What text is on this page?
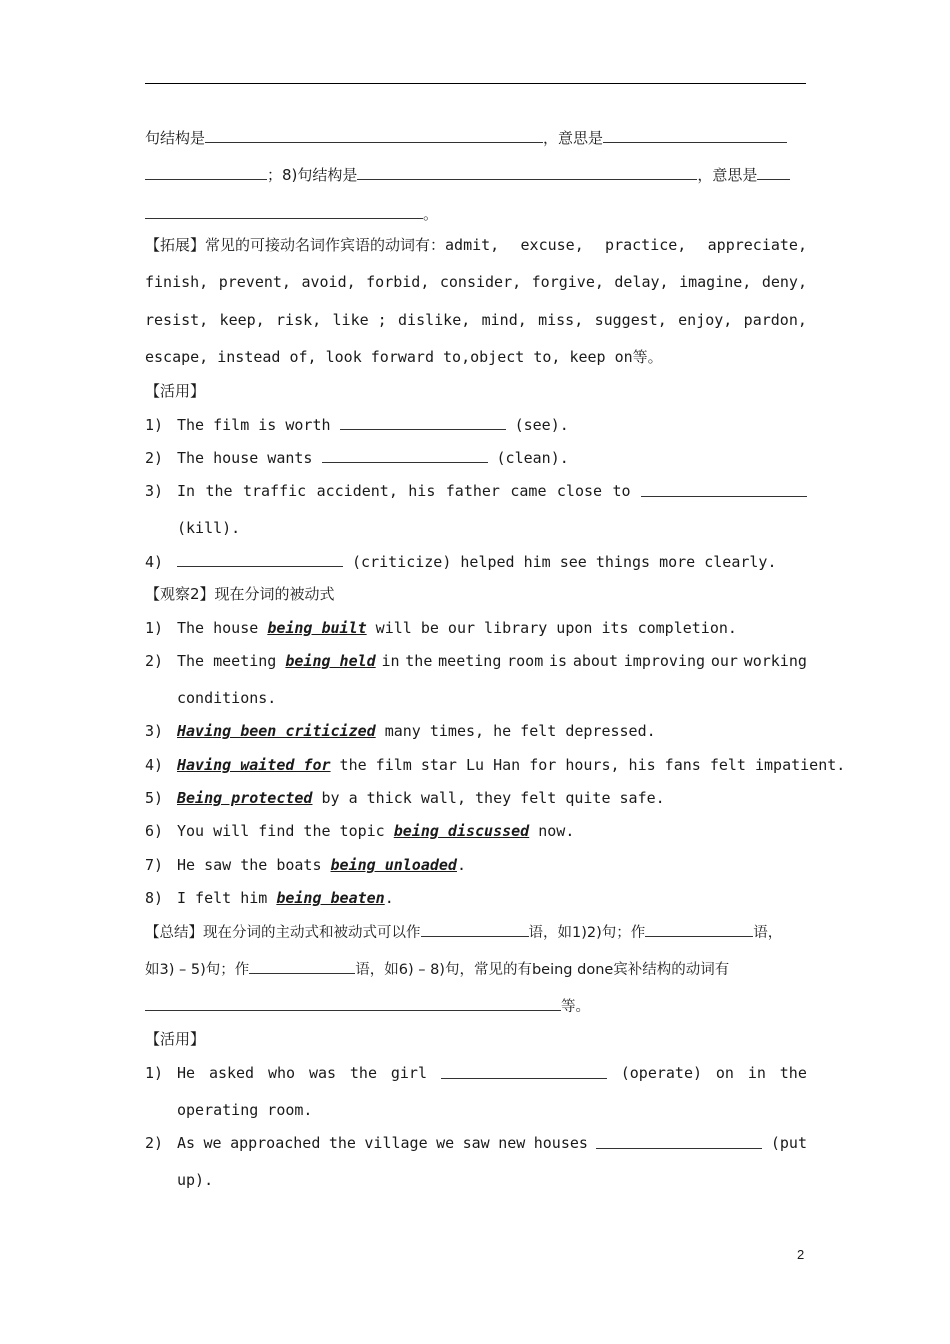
句结构是	，意思是
；8)句结构是	，意思是
。
【拓展】常见的可接动名词作宾语的动词有：admit, excuse, practice, appreciate,
finish, prevent, avoid, forbid, consider, forgive, delay, imagine, deny,
resist, keep, risk, like ; dislike, mind, miss, suggest, enjoy, pardon,
escape, instead of, look forward to,object to, keep on等。
【活用】
1) The film is worth	(see).
2) The house wants	(clean).
3) In the traffic accident, his father came close to
(kill).
4)	(criticize) helped him see things more clearly.
【观察2】现在分词的被动式
1) The house being built will be our library upon its completion.
2) The meeting being held in the meeting room is about improving our working
conditions.
3) Having been criticized many times, he felt depressed.
4) Having waited for the film star Lu Han for hours, his fans felt impatient.
5) Being protected by a thick wall, they felt quite safe.
6) You will find the topic being discussed now.
7) He saw the boats being unloaded.
8) I felt him being beaten.
【总结】现在分词的主动式和被动式可以作	语，如1)2)句；作	语，
如3) – 5)句；作	语，如6) – 8)句，常见的有being done宾补结构的动词有
等。
【活用】
1) He asked who was the girl	(operate) on in the
operating room.
2) As we approached the village we saw new houses	(put
up).
2
